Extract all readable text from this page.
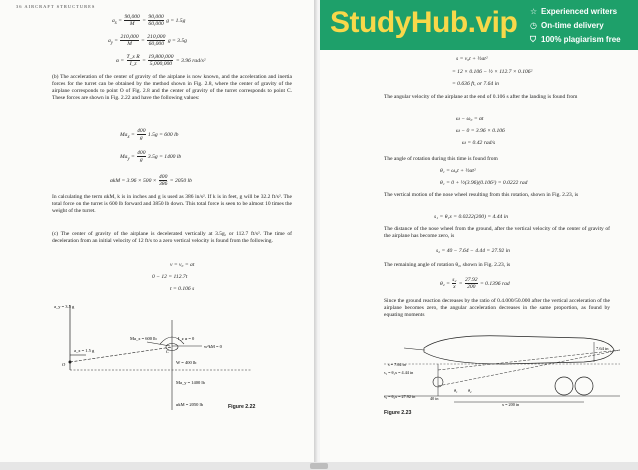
36 AIRCRAFT STRUCTURES
$a_x = \frac{90,000}{M} = \frac{90,000}{60,000}$ g = 1.5g
$a_y = \frac{210,000}{M} = \frac{210,000}{60,000}$ g = 3.5g
$\alpha = \frac{\text{T\_x R}}{I\_z} = \frac{19,800,000}{5,000,000} = 3.96$ rad/s²
(b) The acceleration of the center of gravity of the airplane is now known, and the acceleration and inertia forces for the turret can be obtained by the method shown in Fig. 2.8, where the center of gravity of the airplane corresponds to point O of Fig. 2.8 and the center of gravity of the turret corresponds to point C. These forces are shown in Fig. 2.22 and have the following values:
$Ma_x = \frac{400}{g} 1.5g = 600$ lb
$Ma_y = \frac{400}{g} 3.5g = 1400$ lb
$\alpha kM = 3.96 \times 500 \times \frac{400}{386} = 2050$ lb
In calculating the term αkM, k is in inches and g is used as 386 in/s². If k is in feet, g will be 32.2 ft/s². The total force on the turret is 600 lb forward and 3850 lb down. This total force is seen to be almost 10 times the weight of the turret.
(c) The center of gravity of the airplane is decelerated vertically at 3.5g, or 112.7 ft/s². The time of deceleration from an initial velocity of 12 ft/s to a zero vertical velocity is found from the following.
v = v₀ = at
0 − 12 = 112.7t
t = 0.106 s
a_y = 3.5 g
a_x = 1.5 g
Ma_x = 600 lb	I_z α = 0
w²kM = 0
W = 400 lb
Ma_y = 1400 lb
αkM = 2050 lb
O
C
Figure 2.22
s = v₀t + ½at²
= 12 × 0.106 − ½ × 112.7 × 0.106²
= 0.636 ft, or 7.64 in
The angular velocity of the airplane at the end of 0.106 s after the landing is found from
ω − ω₀ = αt
ω − 0 = 3.96 × 0.106
ω = 0.42 rad/s
The angle of rotation during this time is found from
θ₁ = ω₀t + ½αt²
θ₁ = 0 + ½(3.96)(0.106²) = 0.0222 rad
The vertical motion of the nose wheel resulting from this rotation, shown in Fig. 2.23, is
s₁ = θ₁x = 0.0222(200) = 4.44 in
The distance of the nose wheel from the ground, after the vertical velocity of the center of gravity of the airplane has become zero, is
s₂ = 40 − 7.64 − 4.44 = 27.92 in
The remaining angle of rotation θ₂, shown in Fig. 2.23, is
$\theta_2 = \frac{\text{s₂}}{x} = \frac{27.92}{200} = 0.1396$ rad
Since the ground reaction decreases by the ratio of 0.4.000/50.000 after the vertical acceleration of the airplane becomes zero, the angular acceleration decreases in the same proportion, as found by equating moments
7.64 in
s = 7.64 in
s₁ = θ₁x = 4.44 in
s₂ = θ₂x = 27.92 in	40 in
x = 200 in
θ₁ θ₂
Figure 2.23
StudyHub.vip ☆ Experienced writers
◷ On-time delivery
⛉ 100% plagiarism free
